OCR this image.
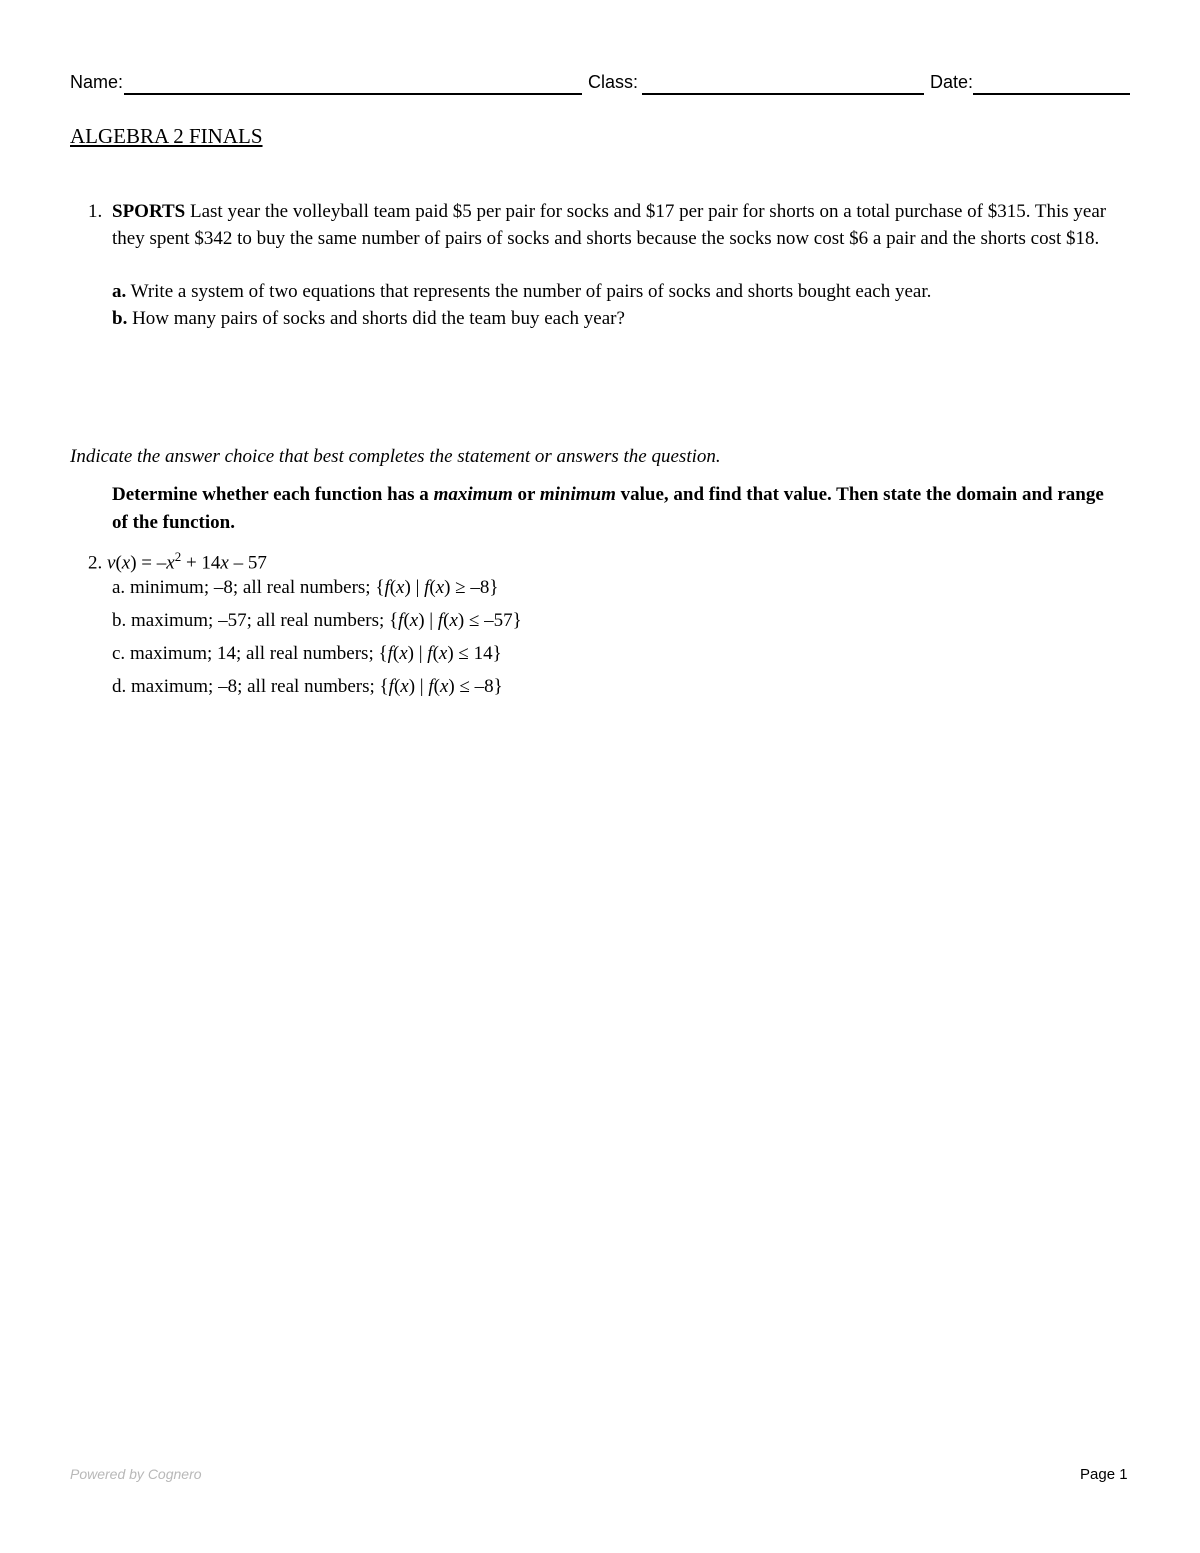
Name:	Class:	Date:
ALGEBRA 2 FINALS
1. SPORTS Last year the volleyball team paid $5 per pair for socks and $17 per pair for shorts on a total purchase of $315. This year they spent $342 to buy the same number of pairs of socks and shorts because the socks now cost $6 a pair and the shorts cost $18.
a. Write a system of two equations that represents the number of pairs of socks and shorts bought each year.
b. How many pairs of socks and shorts did the team buy each year?
Indicate the answer choice that best completes the statement or answers the question.
Determine whether each function has a maximum or minimum value, and find that value. Then state the domain and range of the function.
2. $v(x) = -x^2 + 14x - 57$
a. minimum; –8; all real numbers; {f(x) | f(x) ≥ –8}
b. maximum; –57; all real numbers; {f(x) | f(x) ≤ –57}
c. maximum; 14; all real numbers; {f(x) | f(x) ≤ 14}
d. maximum; –8; all real numbers; {f(x) | f(x) ≤ –8}
Powered by Cognero	Page 1
